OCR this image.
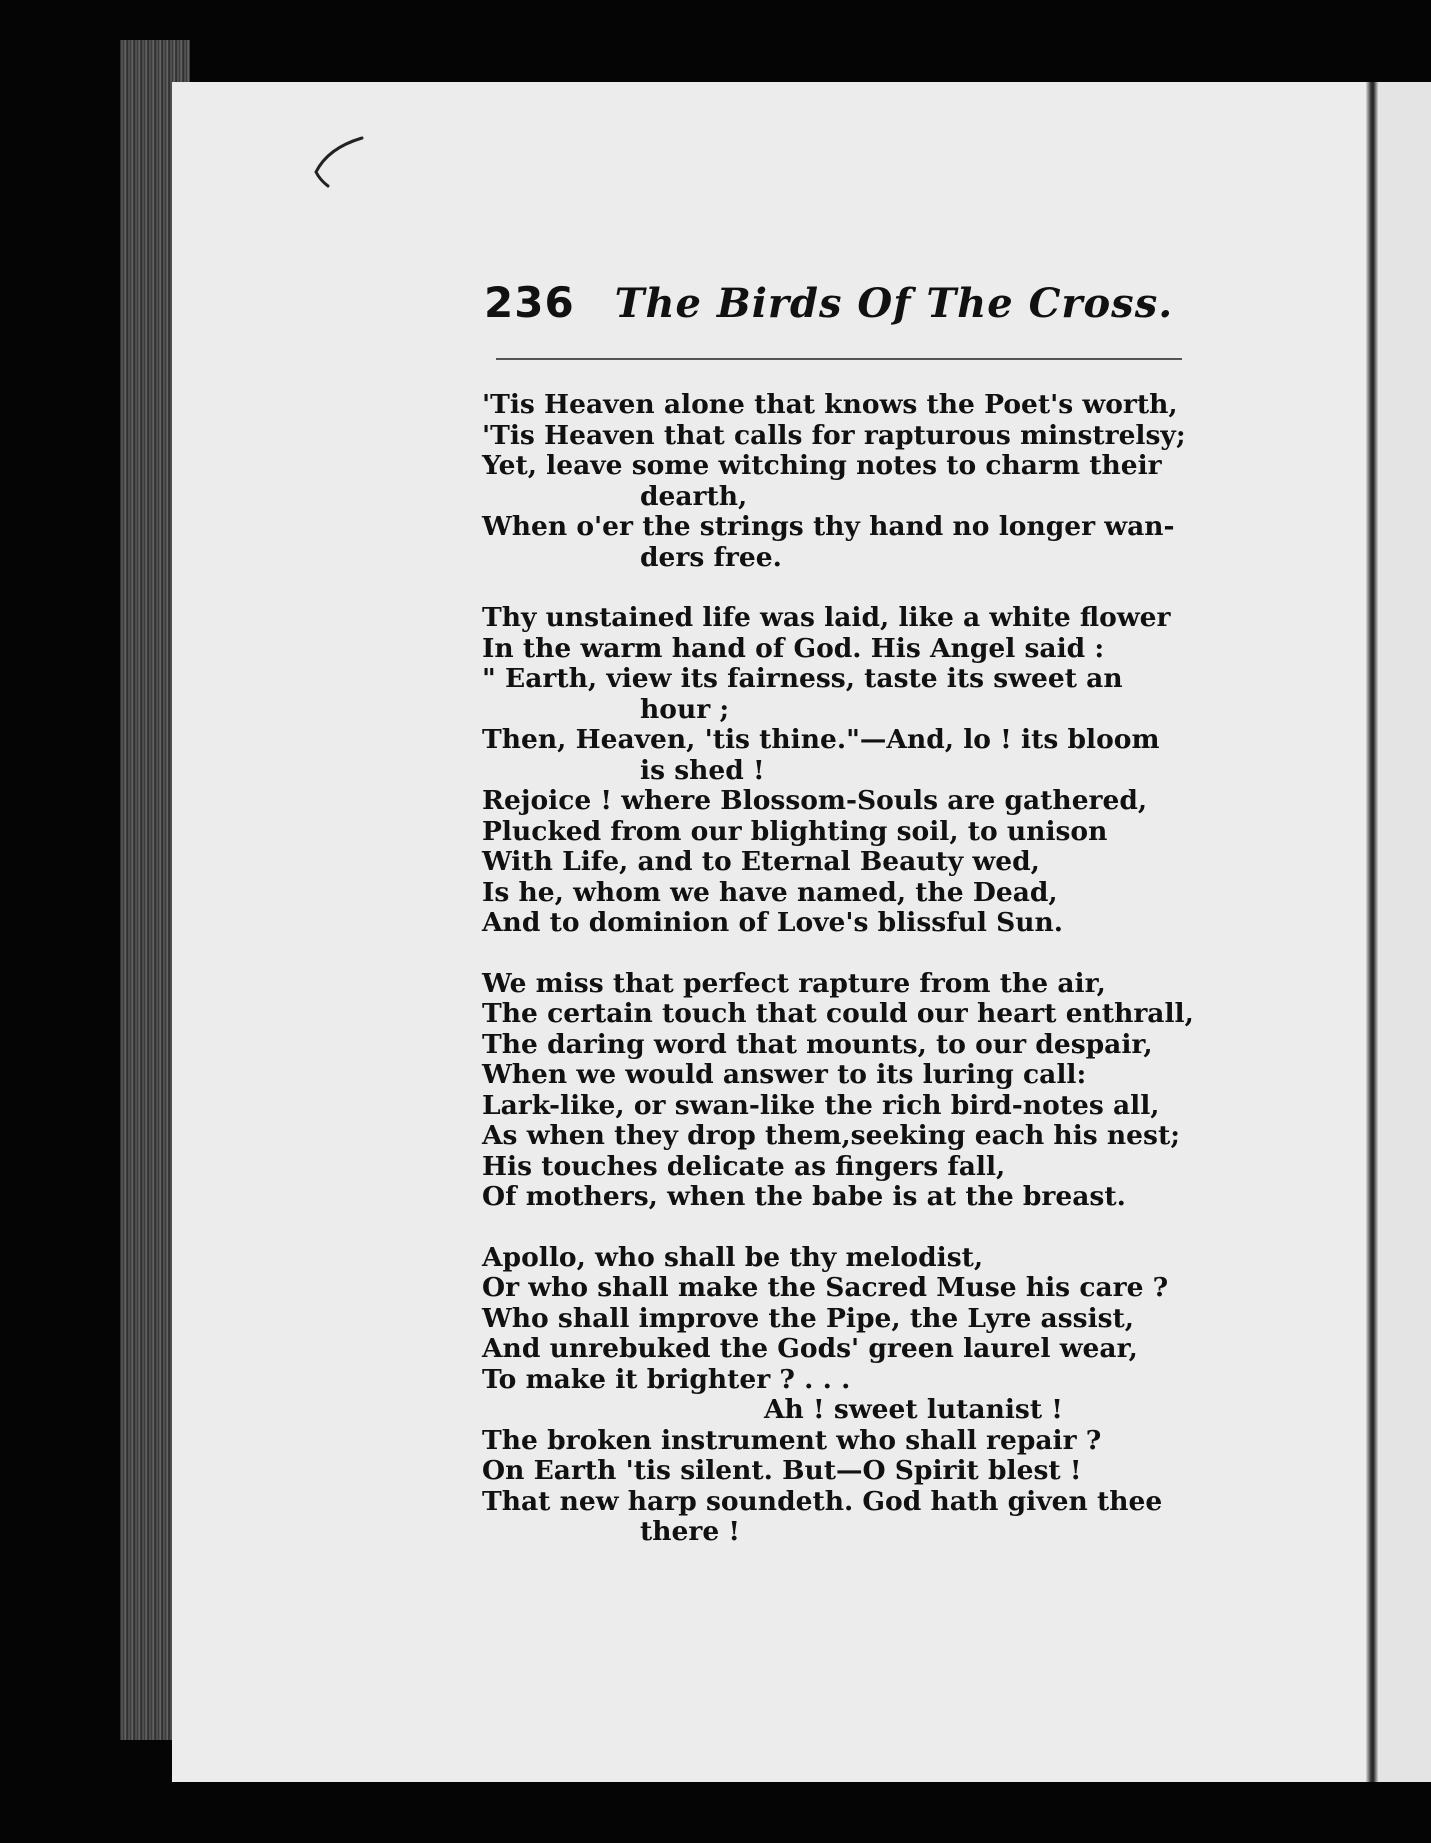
236 The Birds Of The Cross.
'Tis Heaven alone that knows the Poet's worth,
'Tis Heaven that calls for rapturous minstrelsy;
Yet, leave some witching notes to charm their
dearth,
When o'er the strings thy hand no longer wan-
ders free.
Thy unstained life was laid, like a white flower
In the warm hand of God. His Angel said :
" Earth, view its fairness, taste its sweet an
hour ;
Then, Heaven, 'tis thine."—And, lo ! its bloom
is shed !
Rejoice ! where Blossom-Souls are gathered,
Plucked from our blighting soil, to unison
With Life, and to Eternal Beauty wed,
Is he, whom we have named, the Dead,
And to dominion of Love's blissful Sun.
We miss that perfect rapture from the air,
The certain touch that could our heart enthrall,
The daring word that mounts, to our despair,
When we would answer to its luring call:
Lark-like, or swan-like the rich bird-notes all,
As when they drop them,seeking each his nest;
His touches delicate as fingers fall,
Of mothers, when the babe is at the breast.
Apollo, who shall be thy melodist,
Or who shall make the Sacred Muse his care ?
Who shall improve the Pipe, the Lyre assist,
And unrebuked the Gods' green laurel wear,
To make it brighter ? . . .
Ah ! sweet lutanist !
The broken instrument who shall repair ?
On Earth 'tis silent. But—O Spirit blest !
That new harp soundeth. God hath given thee
there !
